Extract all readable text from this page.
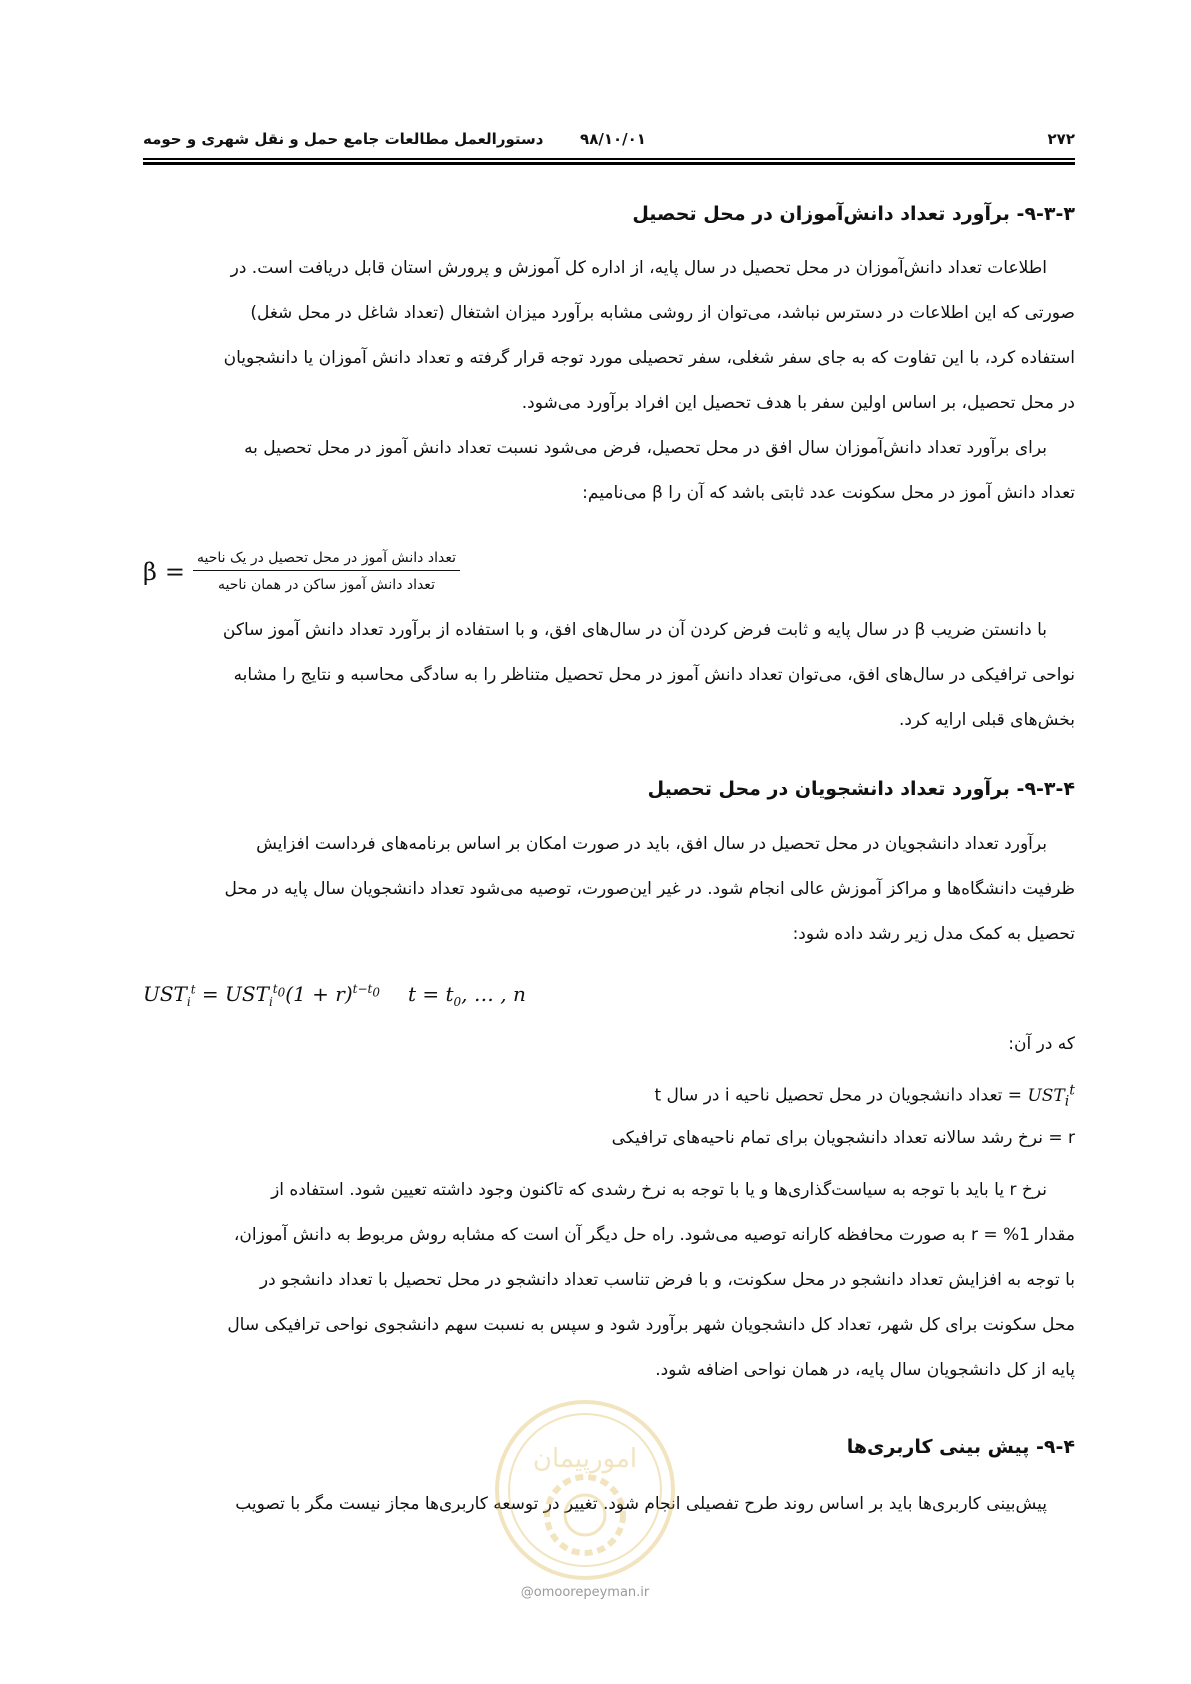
۲۷۲
۹۸/۱۰/۰۱
دستورالعمل مطالعات جامع حمل و نقل شهری و حومه
۹-۳-۳- برآورد تعداد دانش‌آموزان در محل تحصیل
اطلاعات تعداد دانش‌آموزان در محل تحصیل در سال پایه، از اداره کل آموزش و پرورش استان قابل دریافت است. در
صورتی که این اطلاعات در دسترس نباشد، می‌توان از روشی مشابه برآورد میزان اشتغال (تعداد شاغل در محل شغل)
استفاده کرد، با این تفاوت که به جای سفر شغلی، سفر تحصیلی مورد توجه قرار گرفته و تعداد دانش آموزان یا دانشجویان
در محل تحصیل، بر اساس اولین سفر با هدف تحصیل این افراد برآورد می‌شود.
برای برآورد تعداد دانش‌آموزان سال افق در محل تحصیل، فرض می‌شود نسبت تعداد دانش آموز در محل تحصیل به
تعداد دانش آموز در محل سکونت عدد ثابتی باشد که آن را β می‌نامیم:
$\beta = \frac{\text{تعداد دانش آموز در محل تحصیل در یک ناحیه}}{\text{تعداد دانش آموز ساکن در همان ناحیه}}$
با دانستن ضریب β در سال پایه و ثابت فرض کردن آن در سال‌های افق، و با استفاده از برآورد تعداد دانش آموز ساکن
نواحی ترافیکی در سال‌های افق، می‌توان تعداد دانش آموز در محل تحصیل متناظر را به سادگی محاسبه و نتایج را مشابه
بخش‌های قبلی ارایه کرد.
۹-۳-۴- برآورد تعداد دانشجویان در محل تحصیل
برآورد تعداد دانشجویان در محل تحصیل در سال افق، باید در صورت امکان بر اساس برنامه‌های فرداست افزایش
ظرفیت دانشگاه‌ها و مراکز آموزش عالی انجام شود. در غیر این‌صورت، توصیه می‌شود تعداد دانشجویان سال پایه در محل
تحصیل به کمک مدل زیر رشد داده شود:
$UST_i^t = UST_i^{t_0}(1 + r)^{t-t_0}$ $t = t_0$, … , n
که در آن:
$UST_i^t$ = تعداد دانشجویان در محل تحصیل ناحیه i در سال t
r = نرخ رشد سالانه تعداد دانشجویان برای تمام ناحیه‌های ترافیکی
نرخ r یا باید با توجه به سیاست‌گذاری‌ها و یا با توجه به نرخ رشدی که تاکنون وجود داشته تعیین شود. استفاده از
مقدار r = %1 به صورت محافظه کارانه توصیه می‌شود. راه حل دیگر آن است که مشابه روش مربوط به دانش آموزان،
با توجه به افزایش تعداد دانشجو در محل سکونت، و با فرض تناسب تعداد دانشجو در محل تحصیل با تعداد دانشجو در
محل سکونت برای کل شهر، تعداد کل دانشجویان شهر برآورد شود و سپس به نسبت سهم دانشجوی نواحی ترافیکی سال
پایه از کل دانشجویان سال پایه، در همان نواحی اضافه شود.
۹-۴- پیش بینی کاربری‌ها
پیش‌بینی کاربری‌ها باید بر اساس روند طرح تفصیلی انجام شود. تغییر در توسعه کاربری‌ها مجاز نیست مگر با تصویب
امورپیمان
@omoorepeyman.ir
